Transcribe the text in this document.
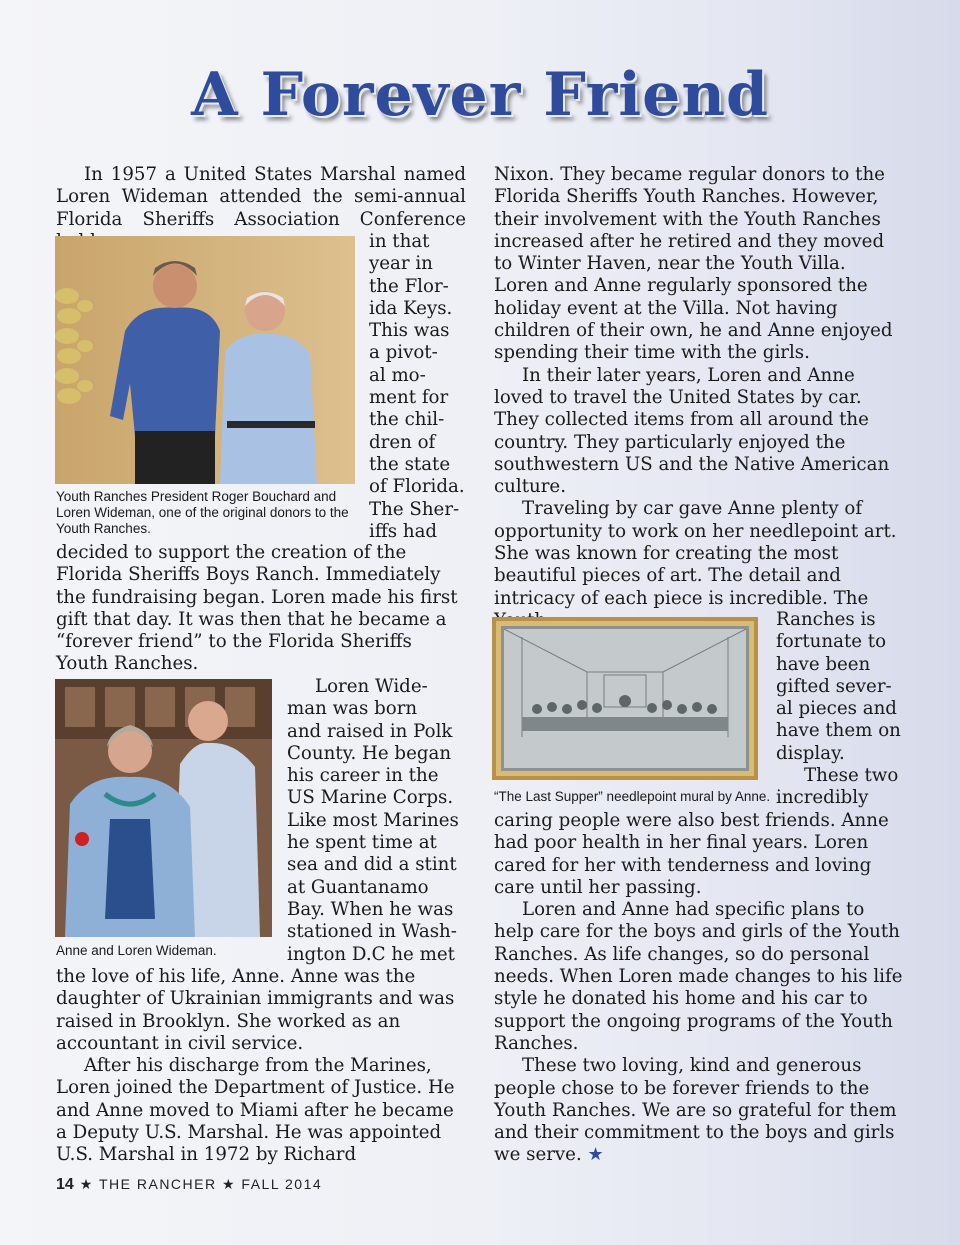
A Forever Friend

In 1957 a United States Marshal named Loren Wideman attended the semi-annual Florida Sheriffs Association Conference

in that
year in
the Flor-
ida Keys.
This was
a pivot-
al mo-
ment for
the chil-
dren of
the state
of Florida.
The Sher-
iffs had
Youth Ranches President Roger Bouchard and Loren Wideman, one of the original donors to the Youth Ranches.

decided to support the creation of the Florida Sheriffs Boys Ranch. Immediately the fundraising began. Loren made his first gift that day. It was then that he became a “forever friend” to the Florida Sheriffs Youth Ranches.

Loren Wide-
man was born
and raised in Polk
County. He began
his career in the
US Marine Corps.
Like most Marines
he spent time at
sea and did a stint
at Guantanamo
Bay. When he was
stationed in Wash-
ington D.C he met
Anne and Loren Wideman.

the love of his life, Anne. Anne was the daughter of Ukrainian immigrants and was raised in Brooklyn. She worked as an accountant in civil service.

After his discharge from the Marines, Loren joined the Department of Justice. He and Anne moved to Miami after he became a Deputy U.S. Marshal. He was appointed U.S. Marshal in 1972 by Richard

Nixon. They became regular donors to the Florida Sheriffs Youth Ranches. However, their involvement with the Youth Ranches increased after he retired and they moved to Winter Haven, near the Youth Villa. Loren and Anne regularly sponsored the holiday event at the Villa. Not having children of their own, he and Anne enjoyed spending their time with the girls.

In their later years, Loren and Anne loved to travel the United States by car. They collected items from all around the country. They particularly enjoyed the southwestern US and the Native American culture.

Traveling by car gave Anne plenty of opportunity to work on her needlepoint art. She was known for creating the most beautiful pieces of art. The detail and intricacy of each piece is incredible. The

Ranches is
fortunate to
have been
gifted sever-
al pieces and
have them on
display.
These two
incredibly
“The Last Supper” needlepoint mural by Anne.

caring people were also best friends. Anne had poor health in her final years. Loren cared for her with tenderness and loving care until her passing.

Loren and Anne had specific plans to help care for the boys and girls of the Youth Ranches. As life changes, so do personal needs. When Loren made changes to his life style he donated his home and his car to support the ongoing programs of the Youth Ranches.

These two loving, kind and generous people chose to be forever friends to the Youth Ranches. We are so grateful for them and their commitment to the boys and girls we serve. ★

14 ★ THE RANCHER ★ FALL 2014
